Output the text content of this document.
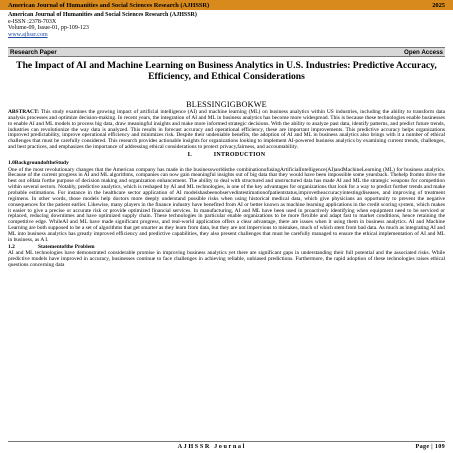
American Journal of Humanities and Social Sciences Research (AJHSSR)	2025
American Journal of Humanities and Social Sciences Research (AJHSSR)
e-ISSN :2378-703X
Volume-09, Issue-01, pp-109-123
www.ajhssr.com
Research Paper	Open Access
The Impact of AI and Machine Learning on Business Analytics in U.S. Industries: Predictive Accuracy, Efficiency, and Ethical Considerations
BLESSINGIGBOKWE

ABSTRACT: This study examines the growing impact of artificial intelligence (AI) and machine learning (ML) on business analytics within US industries, including the ability to transform data analysis processes and optimize decision-making. In recent years, the integration of AI and ML in business analytics has become more widespread. This is because these technologies enable businesses to enable AI and ML models to process big data, draw meaningful insights and make more informed strategic decisions. With the ability to analyze past data, identify patterns, and predict future trends, industries can revolutionize the way data is analyzed. This results in forecast accuracy and operational efficiency, these are important improvements. This predictive accuracy helps organizations improved predictability, improve operational efficiency and minimizes risk. Despite their undeniable benefits, the adoption of AI and ML in business analytics also brings with it a number of ethical challenges that must be carefully considered. This research provides actionable insights for organizations looking to implement AI-powered business analytics by examining current trends, challenges, and best practices, and emphasizes the importance of addressing ethical considerations to protect privacy,fairness, and accountability.

I.	INTRODUCTION
1.0BackgroundoftheStudy

One of the most revolutionary changes that the American company has made in the businessworldisthe combinationofusingArtificialIntelligence(AI)andMachineLearning (ML) for business analytics. Because of the current progress in AI and ML algorithms, companies can now gain meaningful insights out of big data that they would have been impossible some yearsback. Thehelp fromto drive the best out ofdata forthe purpose of decision making and organization enhancement. The ability to deal with structured and unstructured data has made AI and ML the strategic weapons for competition within several sectors. Notably, predictive analytics, which is reshaped by AI and ML technologies, is one of the key advantages for organizations that look for a way to predict further trends and make probable estimations. For instance in the healthcare sector application of AI modelshasbeenobservedintestimationofpatientstatus,improvetheaccuracyintestingdiseases, and improving of treatment regimens. In other words, those models help doctors more deeply understand possible risks when using historical medical data, which give physicians an opportunity to prevent the negative consequences for the patient earlier. Likewise, many players in the finance industry have benefited from AI or better known as machine learning applications in the credit scoring system, which makes it easier to give a precise or accurate risk or provide optimized financial services. In manufacturing, AI and ML have been used in proactively identifying when equipment need to be serviced or replaced, reducing downtimes and have optimized supply chain. These technologies in particular enable organizations to be more flexible and adapt fast to market conditions, hence retaining the competitive edge. WhileAI and ML have made significant progress, and real-world application offers a clear advantage, there are issues when it using them in business analytics. AI and Machine Learning are both supposed to be a set of algorithms that get smarter as they learn from data, but they are not impervious to mistakes, much of which stem from bad data. As much as integrating AI and ML into business analytics has greatly improved efficiency and predictive capabilities, they also present challenges that must be carefully managed to ensure the ethical implementation of AI and ML in business, as A I.

1.2	Statementofthe Problem

AI and ML technologies have demonstrated considerable promise in improving business analytics yet there are significant gaps in understanding their full potential and the associated risks. While predictive models have improved in accuracy, businesses continue to face challenges in achieving reliable, unbiased predictions. Furthermore, the rapid adoption of these technologies raises ethical questions concerning data

AJHSSR Journal	Page | 109
